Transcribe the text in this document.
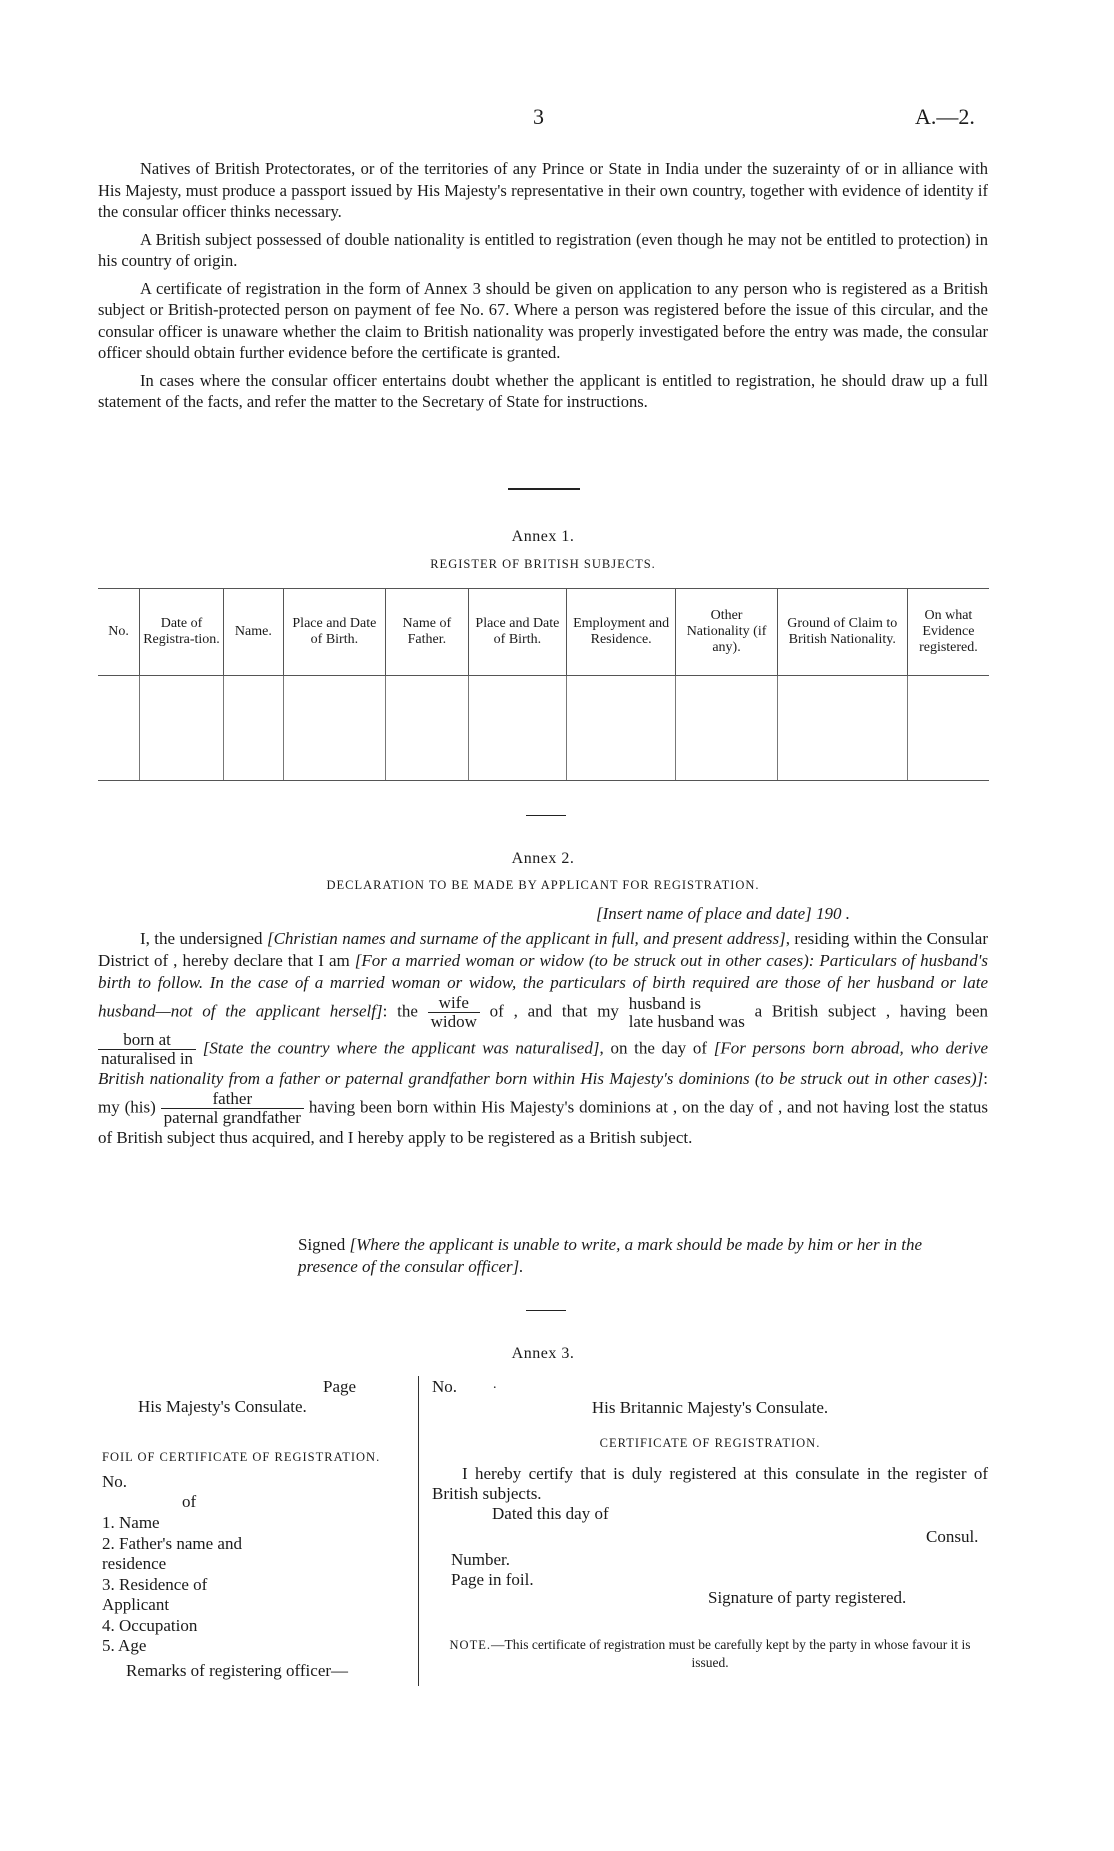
3	A.—2.

Natives of British Protectorates, or of the territories of any Prince or State in India under the suzerainty of or in alliance with His Majesty, must produce a passport issued by His Majesty's representative in their own country, together with evidence of identity if the consular officer thinks necessary.

A British subject possessed of double nationality is entitled to registration (even though he may not be entitled to protection) in his country of origin.

A certificate of registration in the form of Annex 3 should be given on application to any person who is registered as a British subject or British-protected person on payment of fee No. 67. Where a person was registered before the issue of this circular, and the consular officer is unaware whether the claim to British nationality was properly investigated before the entry was made, the consular officer should obtain further evidence before the certificate is granted.

In cases where the consular officer entertains doubt whether the applicant is entitled to registration, he should draw up a full statement of the facts, and refer the matter to the Secretary of State for instructions.

Annex 1.
REGISTER OF BRITISH SUBJECTS.
No.	Date of Registra-tion.	Name.	Place and Date of Birth.	Name of Father.	Place and Date of Birth.	Employment and Residence.	Other Nationality (if any).	Ground of Claim to British Nationality.	On what Evidence registered.

Annex 2.
DECLARATION TO BE MADE BY APPLICANT FOR REGISTRATION.
[Insert name of place and date] 190 .
I, the undersigned [Christian names and surname of the applicant in full, and present address], residing within the Consular District of , hereby declare that I am [For a married woman or widow (to be struck out in other cases): Particulars of husband's birth to follow. In the case of a married woman or widow, the particulars of birth required are those of her husband or late husband—not of the applicant herself]: the $\frac{\text{wife}}{\text{widow}}$ of , and that my husband is
late husband was
a British subject , having been
$\frac{\text{born at}}{\text{naturalised in}}$ [State the country where the applicant was naturalised], on the day of [For persons born abroad, who derive British nationality from a father or paternal grandfather born within His Majesty's dominions (to be struck out in other cases)]: my $(his) \frac{\text{father}}{\text{paternal grandfather}}$ having been born within His Majesty's dominions at , on the day of , and not having lost the status of British subject thus acquired, and I hereby apply to be registered as a British subject.
Signed [Where the applicant is unable to write, a mark should be made by him or her in the presence of the consular officer].
Annex 3.
Page	.
His Majesty's Consulate.
FOIL OF CERTIFICATE OF REGISTRATION.
No.
of
1. Name
2. Father's name and residence
3. Residence of Applicant
4. Occupation
5. Age
Remarks of registering officer—
No.
His Britannic Majesty's Consulate.
CERTIFICATE OF REGISTRATION.
I hereby certify that is duly registered at this consulate in the register of British subjects.
Dated this day of
Consul.
Number.
Page in foil.
Signature of party registered.
NOTE.—This certificate of registration must be carefully kept by the party in whose favour it is issued.
